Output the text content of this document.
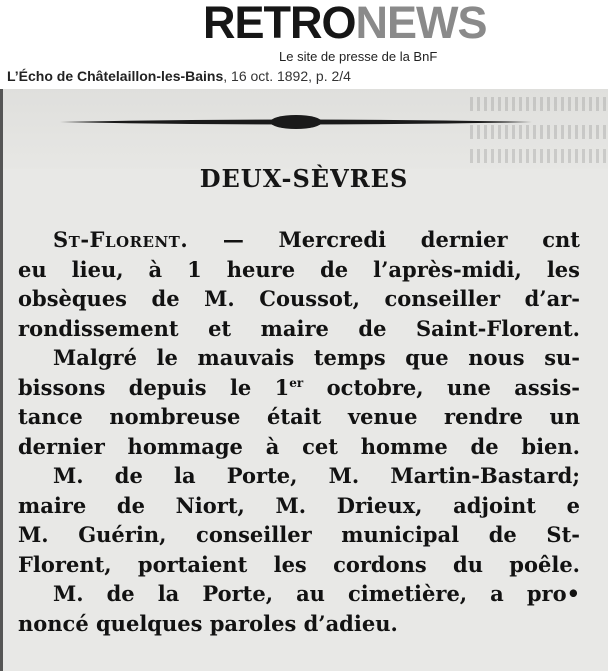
RETRONEWS
Le site de presse de la BnF
L’Écho de Châtelaillon-les-Bains, 16 oct. 1892, p. 2/4
DEUX-SÈVRES
St-Florent. — Mercredi dernier cnt
eu lieu, à 1 heure de l’après-midi, les
obsèques de M. Coussot, conseiller d’ar-
rondissement et maire de Saint-Florent.
Malgré le mauvais temps que nous su-
bissons depuis le 1er octobre, une assis-
tance nombreuse était venue rendre un
dernier hommage à cet homme de bien.
M. de la Porte, M. Martin-Bastard;
maire de Niort, M. Drieux, adjoint e
M. Guérin, conseiller municipal de St-
Florent, portaient les cordons du poêle.
M. de la Porte, au cimetière, a pro•
noncé quelques paroles d’adieu.
